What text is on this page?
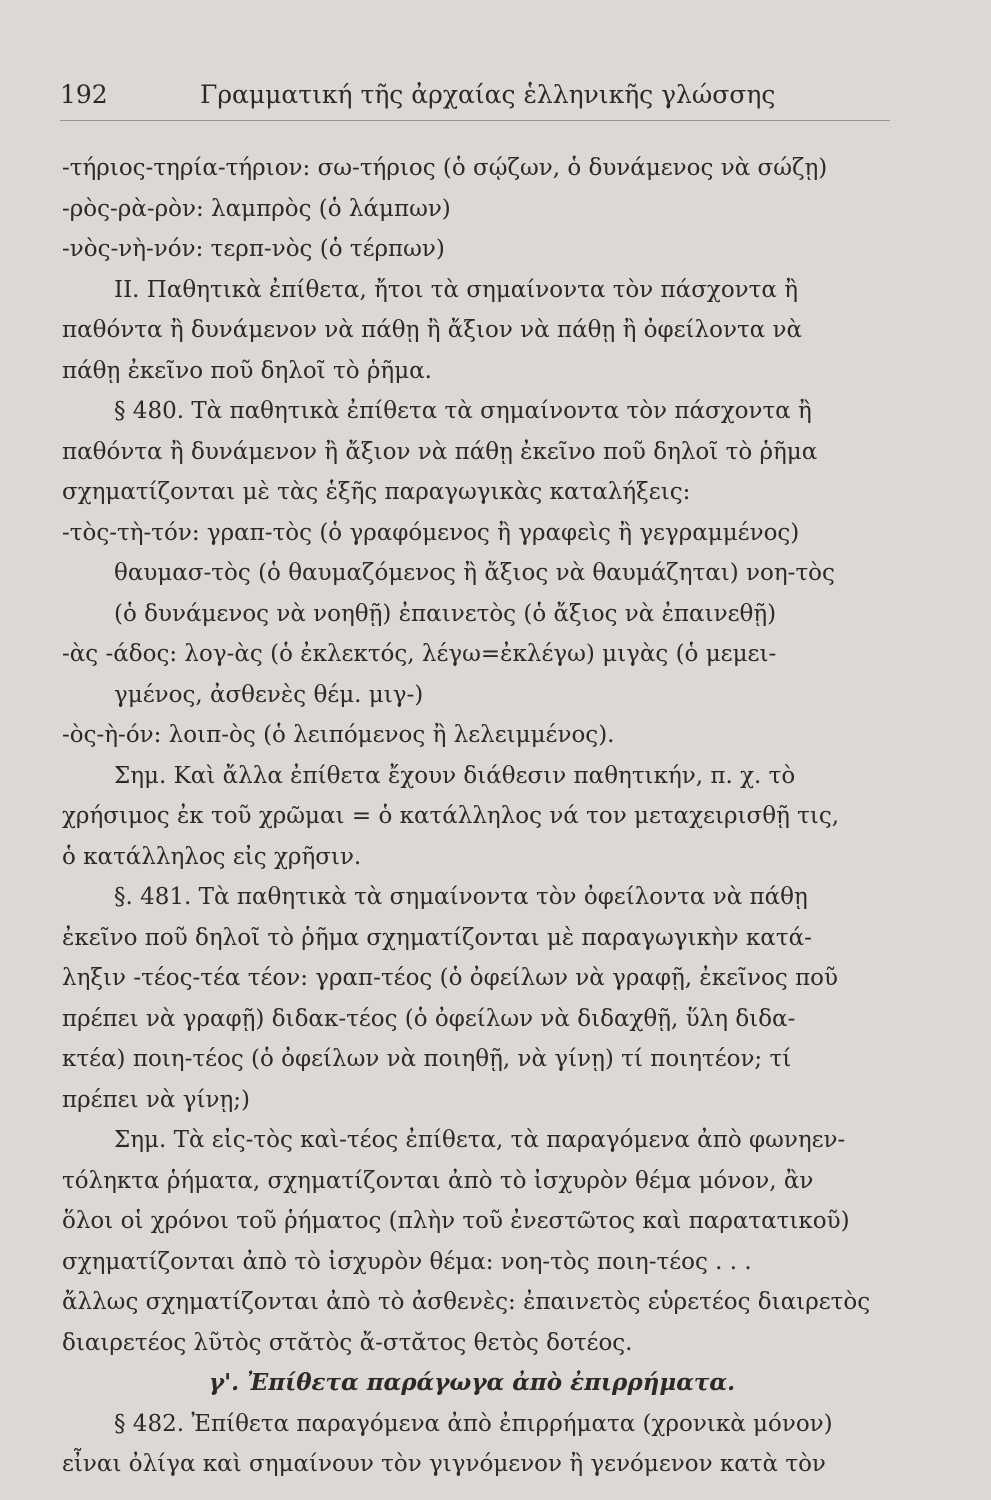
192	Γραμματική τῆς ἀρχαίας ἑλληνικῆς γλώσσης
-τήριος-τηρία-τήριον: σω-τήριος (ὁ σῴζων, ὁ δυνάμενος νὰ σώζῃ)
-ρὸς-ρὰ-ρὸν: λαμπρὸς (ὁ λάμπων)
-νὸς-νὴ-νόν: τερπ-νὸς (ὁ τέρπων)
II. Παθητικὰ ἐπίθετα, ἤτοι τὰ σημαίνοντα τὸν πάσχοντα ἢ
παθόντα ἢ δυνάμενον νὰ πάθῃ ἢ ἄξιον νὰ πάθῃ ἢ ὀφείλοντα νὰ
πάθῃ ἐκεῖνο ποῦ δηλοῖ τὸ ῥῆμα.
§ 480. Τὰ παθητικὰ ἐπίθετα τὰ σημαίνοντα τὸν πάσχοντα ἢ
παθόντα ἢ δυνάμενον ἢ ἄξιον νὰ πάθῃ ἐκεῖνο ποῦ δηλοῖ τὸ ῥῆμα
σχηματίζονται μὲ τὰς ἑξῆς παραγωγικὰς καταλήξεις:
-τὸς-τὴ-τόν: γραπ-τὸς (ὁ γραφόμενος ἢ γραφεὶς ἢ γεγραμμένος)
θαυμασ-τὸς (ὁ θαυμαζόμενος ἢ ἄξιος νὰ θαυμάζηται) νοη-τὸς
(ὁ δυνάμενος νὰ νοηθῇ) ἐπαινετὸς (ὁ ἄξιος νὰ ἐπαινεθῇ)
-ὰς -άδος: λογ-ὰς (ὁ ἐκλεκτός, λέγω=ἐκλέγω) μιγὰς (ὁ μεμει-
γμένος, ἀσθενὲς θέμ. μιγ-)
-ὸς-ὴ-όν: λοιπ-ὸς (ὁ λειπόμενος ἢ λελειμμένος).
Σημ. Καὶ ἄλλα ἐπίθετα ἔχουν διάθεσιν παθητικήν, π. χ. τὸ
χρήσιμος ἐκ τοῦ χρῶμαι = ὁ κατάλληλος νά τον μεταχειρισθῇ τις,
ὁ κατάλληλος εἰς χρῆσιν.
§. 481. Τὰ παθητικὰ τὰ σημαίνοντα τὸν ὀφείλοντα νὰ πάθῃ
ἐκεῖνο ποῦ δηλοῖ τὸ ῥῆμα σχηματίζονται μὲ παραγωγικὴν κατά-
ληξιν -τέος-τέα τέον: γραπ-τέος (ὁ ὀφείλων νὰ γραφῇ, ἐκεῖνος ποῦ
πρέπει νὰ γραφῇ) διδακ-τέος (ὁ ὀφείλων νὰ διδαχθῇ, ὕλη διδα-
κτέα) ποιη-τέος (ὁ ὀφείλων νὰ ποιηθῇ, νὰ γίνῃ) τί ποιητέον; τί
πρέπει νὰ γίνῃ;)
Σημ. Τὰ εἰς-τὸς καὶ-τέος ἐπίθετα, τὰ παραγόμενα ἀπὸ φωνηεν-
τόληκτα ῥήματα, σχηματίζονται ἀπὸ τὸ ἰσχυρὸν θέμα μόνον, ἂν
ὅλοι οἱ χρόνοι τοῦ ῥήματος (πλὴν τοῦ ἐνεστῶτος καὶ παρατατικοῦ)
σχηματίζονται ἀπὸ τὸ ἰσχυρὸν θέμα: νοη-τὸς ποιη-τέος . . .
ἄλλως σχηματίζονται ἀπὸ τὸ ἀσθενὲς: ἐπαινετὸς εὑρετέος διαιρετὸς
διαιρετέος λῦτὸς στᾰτὸς ἄ-στᾰτος θετὸς δοτέος.
γ'. Ἐπίθετα παράγωγα ἀπὸ ἐπιρρήματα.
§ 482. Ἐπίθετα παραγόμενα ἀπὸ ἐπιρρήματα (χρονικὰ μόνον)
εἶναι ὀλίγα καὶ σημαίνουν τὸν γιγνόμενον ἢ γενόμενον κατὰ τὸν
